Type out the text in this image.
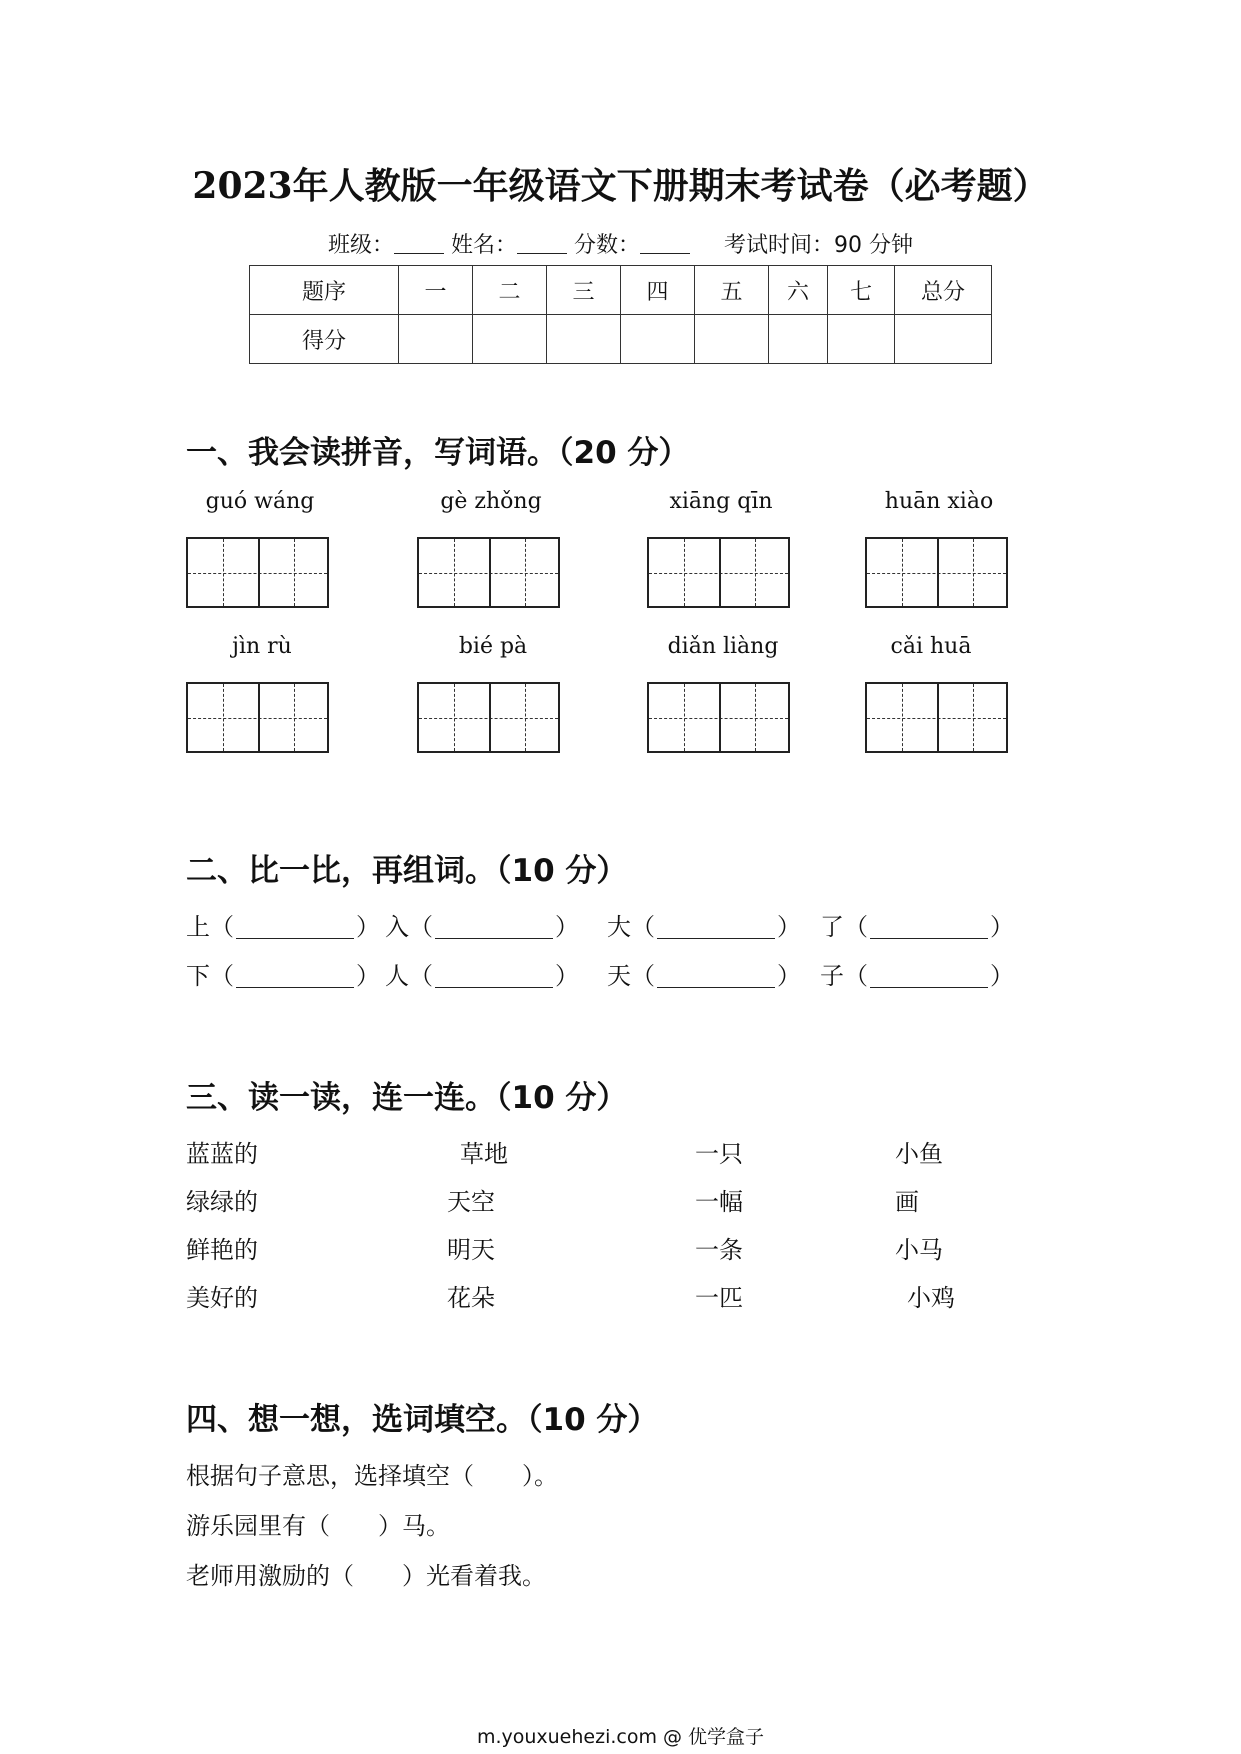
2023年人教版一年级语文下册期末考试卷（必考题）
班级：	姓名：	分数：	考试时间：90 分钟
题序	一	二	三	四	五	六	七	总分
得分								
一、我会读拼音，写词语。（20 分）
guó wáng	gè zhǒng	xiāng qīn	huān xiào
jìn rù	bié pà	diǎn liàng	cǎi huā
二、比一比，再组词。（10 分）
上（	） 入（	） 大（	） 了（	）
下（	） 人（	） 天（	） 子（	）
三、读一读，连一连。（10 分）
蓝蓝的	草地	一只	小鱼
绿绿的	天空	一幅	画
鲜艳的	明天	一条	小马
美好的	花朵	一匹	小鸡
四、想一想，选词填空。（10 分）
根据句子意思，选择填空（　　）。
游乐园里有（　　）马。
老师用激励的（　　）光看着我。
m.youxuehezi.com @ 优学盒子
